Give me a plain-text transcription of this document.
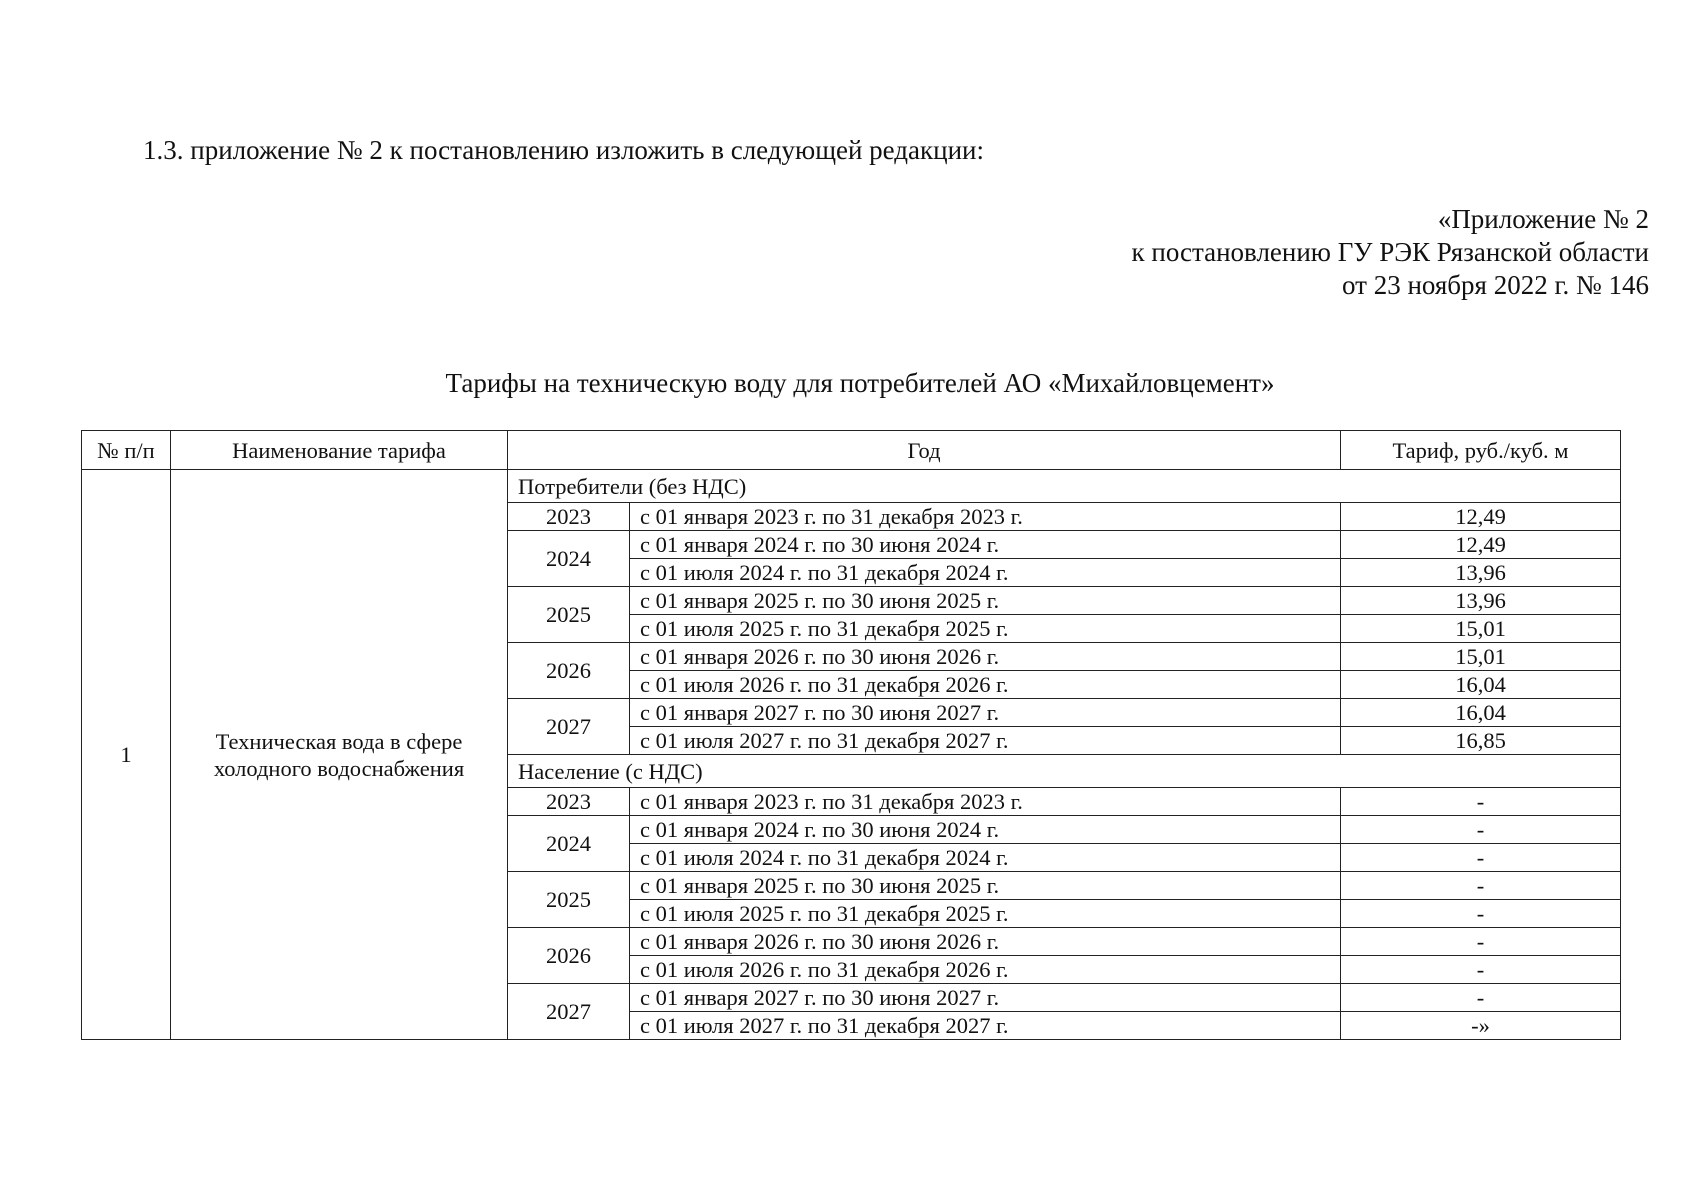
1.3. приложение № 2 к постановлению изложить в следующей редакции:
«Приложение № 2
к постановлению ГУ РЭК Рязанской области
от 23 ноября 2022 г. № 146
Тарифы на техническую воду для потребителей АО «Михайловцемент»
№ п/п	Наименование тарифа	Год		Тариф, руб./куб. м
1	Техническая вода в сфере холодного водоснабжения	Потребители (без НДС)		
		2023	с 01 января 2023 г. по 31 декабря 2023 г.	12,49
		2024	с 01 января 2024 г. по 30 июня 2024 г.	12,49
			с 01 июля 2024 г. по 31 декабря 2024 г.	13,96
		2025	с 01 января 2025 г. по 30 июня 2025 г.	13,96
			с 01 июля 2025 г. по 31 декабря 2025 г.	15,01
		2026	с 01 января 2026 г. по 30 июня 2026 г.	15,01
			с 01 июля 2026 г. по 31 декабря 2026 г.	16,04
		2027	с 01 января 2027 г. по 30 июня 2027 г.	16,04
			с 01 июля 2027 г. по 31 декабря 2027 г.	16,85
		Население (с НДС)		
		2023	с 01 января 2023 г. по 31 декабря 2023 г.	-
		2024	с 01 января 2024 г. по 30 июня 2024 г.	-
			с 01 июля 2024 г. по 31 декабря 2024 г.	-
		2025	с 01 января 2025 г. по 30 июня 2025 г.	-
			с 01 июля 2025 г. по 31 декабря 2025 г.	-
		2026	с 01 января 2026 г. по 30 июня 2026 г.	-
			с 01 июля 2026 г. по 31 декабря 2026 г.	-
		2027	с 01 января 2027 г. по 30 июня 2027 г.	-
			с 01 июля 2027 г. по 31 декабря 2027 г.	-»
